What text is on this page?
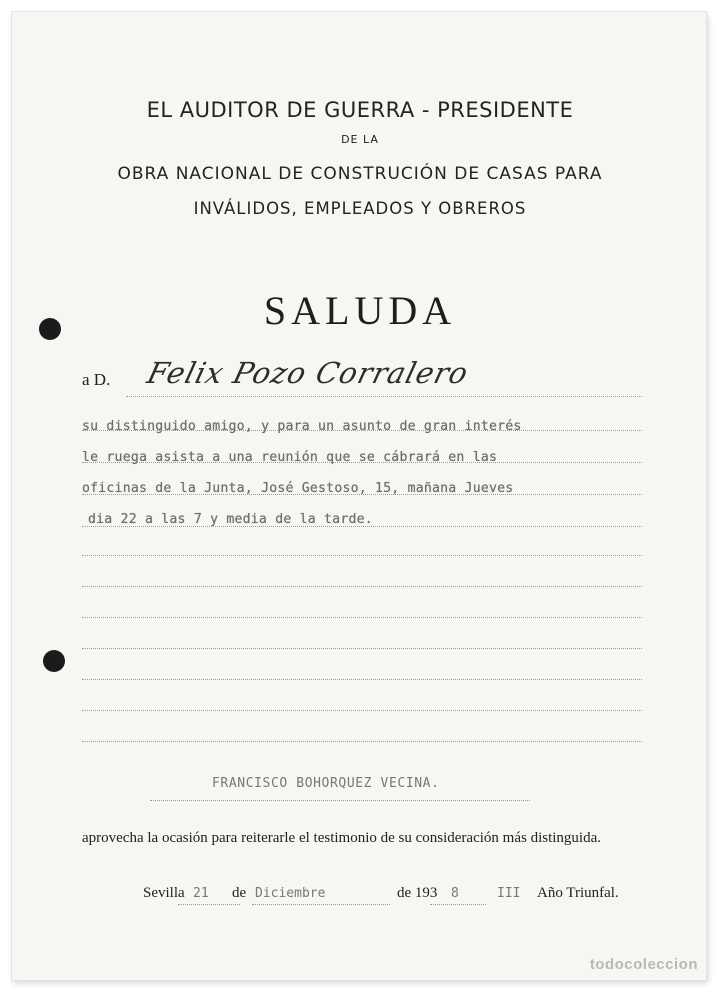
EL AUDITOR DE GUERRA - PRESIDENTE
DE LA
OBRA NACIONAL DE CONSTRUCIÓN DE CASAS PARA
INVÁLIDOS, EMPLEADOS Y OBREROS
SALUDA
a D. Felix Pozo Corralero
su distinguido amigo, y para un asunto de gran interés
le ruega asista a una reunión que se cábrará en las
oficinas de la Junta, José Gestoso, 15, mañana Jueves
dia 22 a las 7 y media de la tarde.
FRANCISCO BOHORQUEZ VECINA.
aprovecha la ocasión para reiterarle el testimonio de su consideración más distinguida.
Sevilla 21 de Diciembre	de 193 8	III Año Triunfal.
todocoleccion
